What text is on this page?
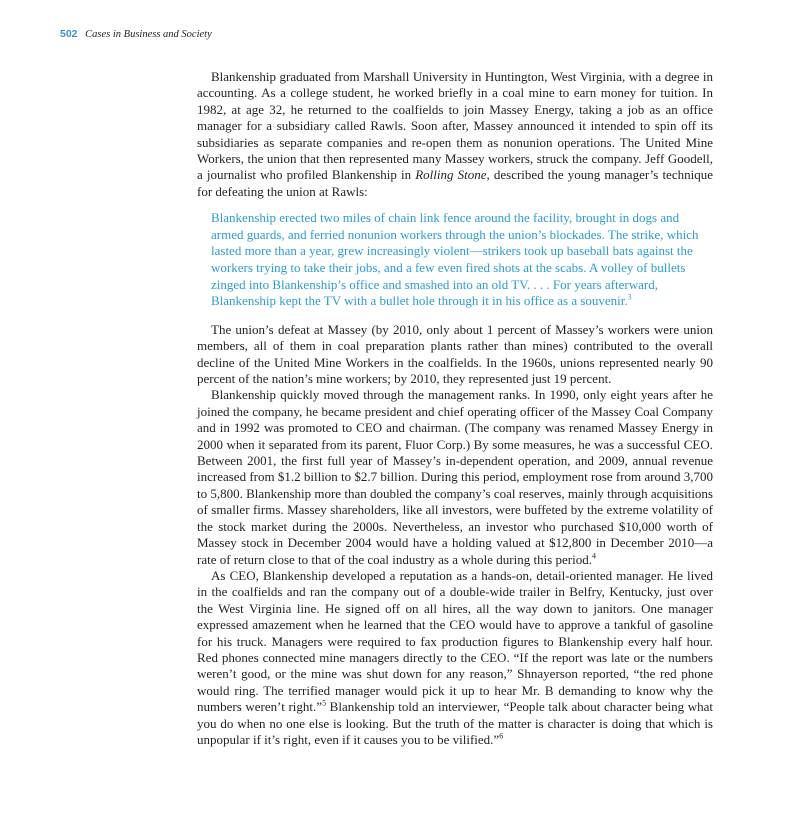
502 Cases in Business and Society

Blankenship graduated from Marshall University in Huntington, West Virginia, with a degree in accounting. As a college student, he worked briefly in a coal mine to earn money for tuition. In 1982, at age 32, he returned to the coalfields to join Massey Energy, taking a job as an office manager for a subsidiary called Rawls. Soon after, Massey announced it intended to spin off its subsidiaries as separate companies and re-open them as nonunion operations. The United Mine Workers, the union that then represented many Massey workers, struck the company. Jeff Goodell, a journalist who profiled Blankenship in Rolling Stone, described the young manager’s technique for defeating the union at Rawls:

Blankenship erected two miles of chain link fence around the facility, brought in dogs and armed guards, and ferried nonunion workers through the union’s blockades. The strike, which lasted more than a year, grew increasingly violent—strikers took up baseball bats against the workers trying to take their jobs, and a few even fired shots at the scabs. A volley of bullets zinged into Blankenship’s office and smashed into an old TV. . . . For years afterward, Blankenship kept the TV with a bullet hole through it in his office as a souvenir.$^3$

The union’s defeat at Massey (by 2010, only about 1 percent of Massey’s workers were union members, all of them in coal preparation plants rather than mines) contributed to the overall decline of the United Mine Workers in the coalfields. In the 1960s, unions represented nearly 90 percent of the nation’s mine workers; by 2010, they represented just 19 percent.

Blankenship quickly moved through the management ranks. In 1990, only eight years after he joined the company, he became president and chief operating officer of the Massey Coal Company and in 1992 was promoted to CEO and chairman. (The company was renamed Massey Energy in 2000 when it separated from its parent, Fluor Corp.) By some measures, he was a successful CEO. Between 2001, the first full year of Massey’s in-dependent operation, and 2009, annual revenue increased from $1.2 billion to $2.7 billion. During this period, employment rose from around 3,700 to 5,800. Blankenship more than doubled the company’s coal reserves, mainly through acquisitions of smaller firms. Massey shareholders, like all investors, were buffeted by the extreme volatility of the stock market during the 2000s. Nevertheless, an investor who purchased $10,000 worth of Massey stock in December 2004 would have a holding valued at $12,800 in December 2010—a rate of return close to that of the coal industry as a whole during this period.$^4$

As CEO, Blankenship developed a reputation as a hands-on, detail-oriented manager. He lived in the coalfields and ran the company out of a double-wide trailer in Belfry, Kentucky, just over the West Virginia line. He signed off on all hires, all the way down to janitors. One manager expressed amazement when he learned that the CEO would have to approve a tankful of gasoline for his truck. Managers were required to fax production figures to Blankenship every half hour. Red phones connected mine managers directly to the CEO. “If the report was late or the numbers weren’t good, or the mine was shut down for any reason,” Shnayerson reported, “the red phone would ring. The terrified manager would pick it up to hear Mr. B demanding to know why the numbers weren’t right.”$^5$ Blankenship told an interviewer, “People talk about character being what you do when no one else is looking. But the truth of the matter is character is doing that which is unpopular if it’s right, even if it causes you to be vilified.”$^6$
